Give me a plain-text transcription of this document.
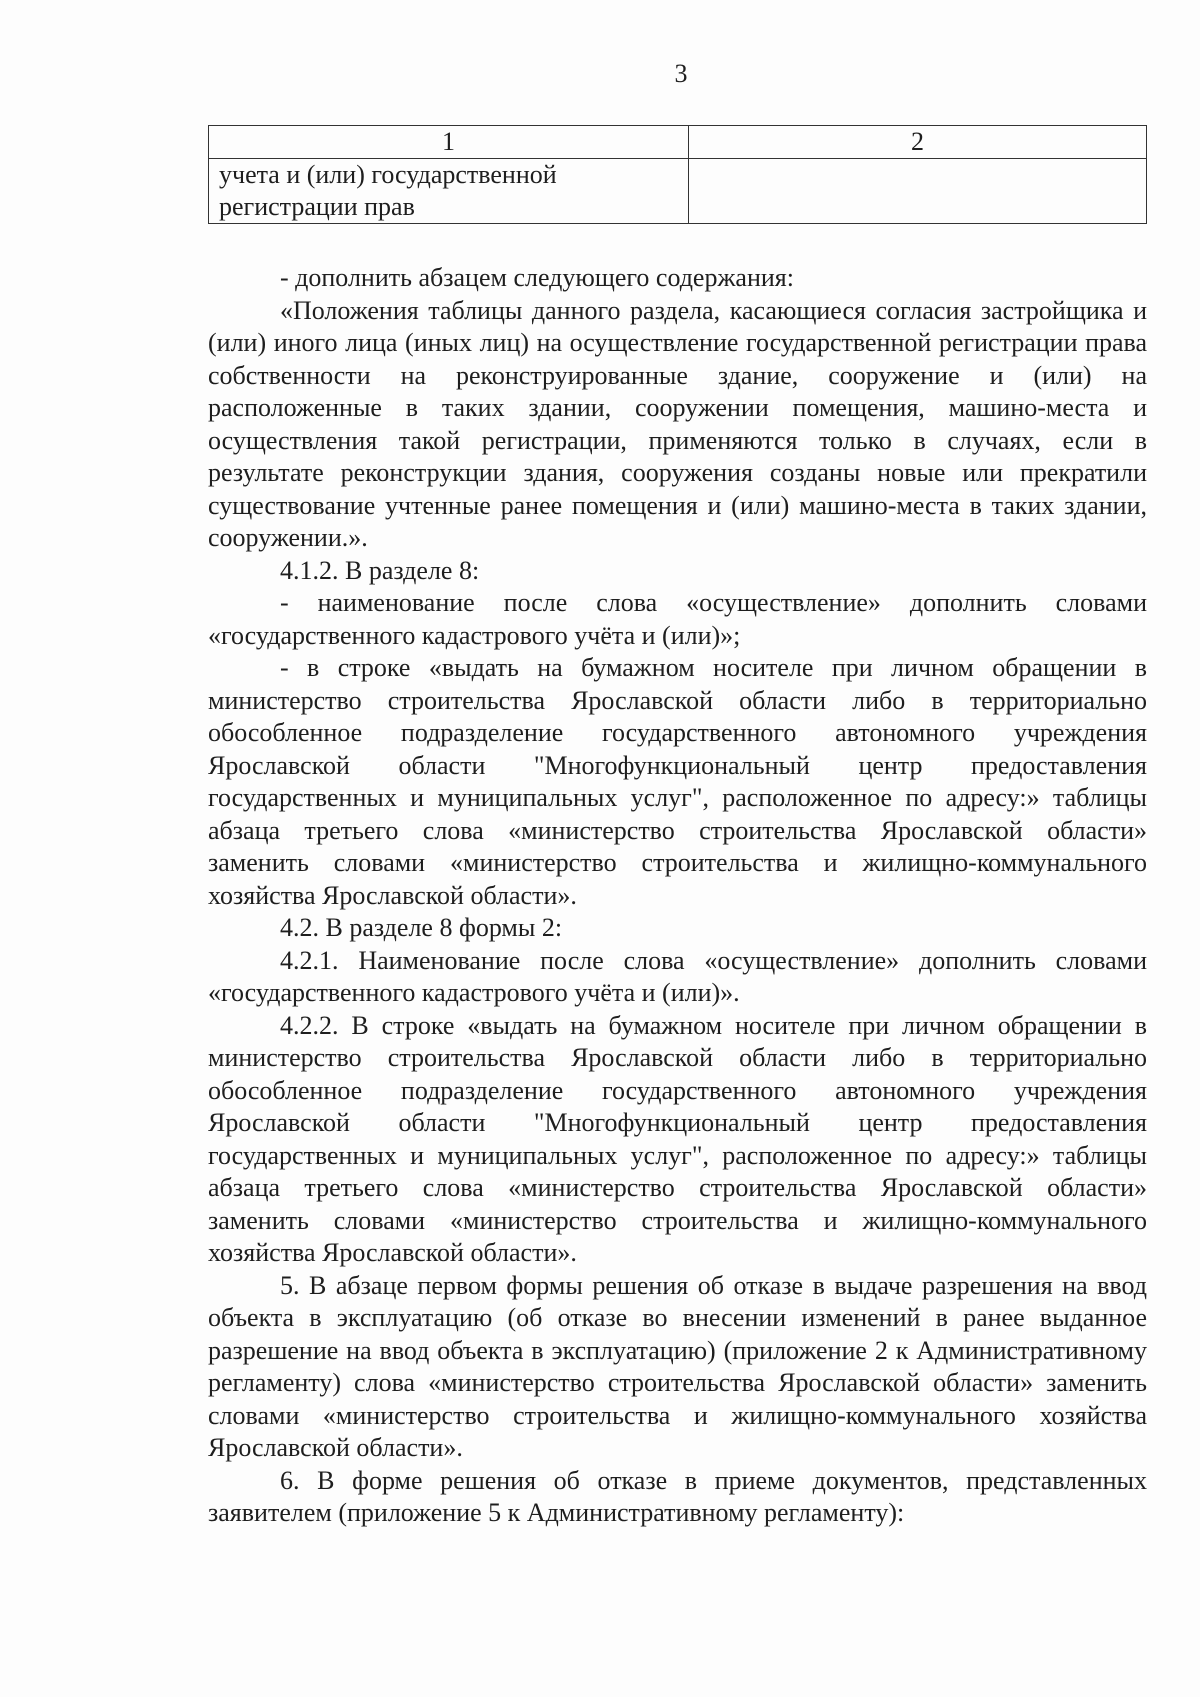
3
1	2
учета и (или) государственной регистрации прав	

- дополнить абзацем следующего содержания:

«Положения таблицы данного раздела, касающиеся согласия застройщика и (или) иного лица (иных лиц) на осуществление государственной регистрации права собственности на реконструированные здание, сооружение и (или) на расположенные в таких здании, сооружении помещения, машино-места и осуществления такой регистрации, применяются только в случаях, если в результате реконструкции здания, сооружения созданы новые или прекратили существование учтенные ранее помещения и (или) машино-места в таких здании, сооружении.».

4.1.2. В разделе 8:

- наименование после слова «осуществление» дополнить словами «государственного кадастрового учёта и (или)»;

- в строке «выдать на бумажном носителе при личном обращении в министерство строительства Ярославской области либо в территориально обособленное подразделение государственного автономного учреждения Ярославской области "Многофункциональный центр предоставления государственных и муниципальных услуг", расположенное по адресу:» таблицы абзаца третьего слова «министерство строительства Ярославской области» заменить словами «министерство строительства и жилищно-коммунального хозяйства Ярославской области».

4.2. В разделе 8 формы 2:

4.2.1. Наименование после слова «осуществление» дополнить словами «государственного кадастрового учёта и (или)».

4.2.2. В строке «выдать на бумажном носителе при личном обращении в министерство строительства Ярославской области либо в территориально обособленное подразделение государственного автономного учреждения Ярославской области "Многофункциональный центр предоставления государственных и муниципальных услуг", расположенное по адресу:» таблицы абзаца третьего слова «министерство строительства Ярославской области» заменить словами «министерство строительства и жилищно-коммунального хозяйства Ярославской области».

5. В абзаце первом формы решения об отказе в выдаче разрешения на ввод объекта в эксплуатацию (об отказе во внесении изменений в ранее выданное разрешение на ввод объекта в эксплуатацию) (приложение 2 к Административному регламенту) слова «министерство строительства Ярославской области» заменить словами «министерство строительства и жилищно-коммунального хозяйства Ярославской области».

6. В форме решения об отказе в приеме документов, представленных заявителем (приложение 5 к Административному регламенту):
